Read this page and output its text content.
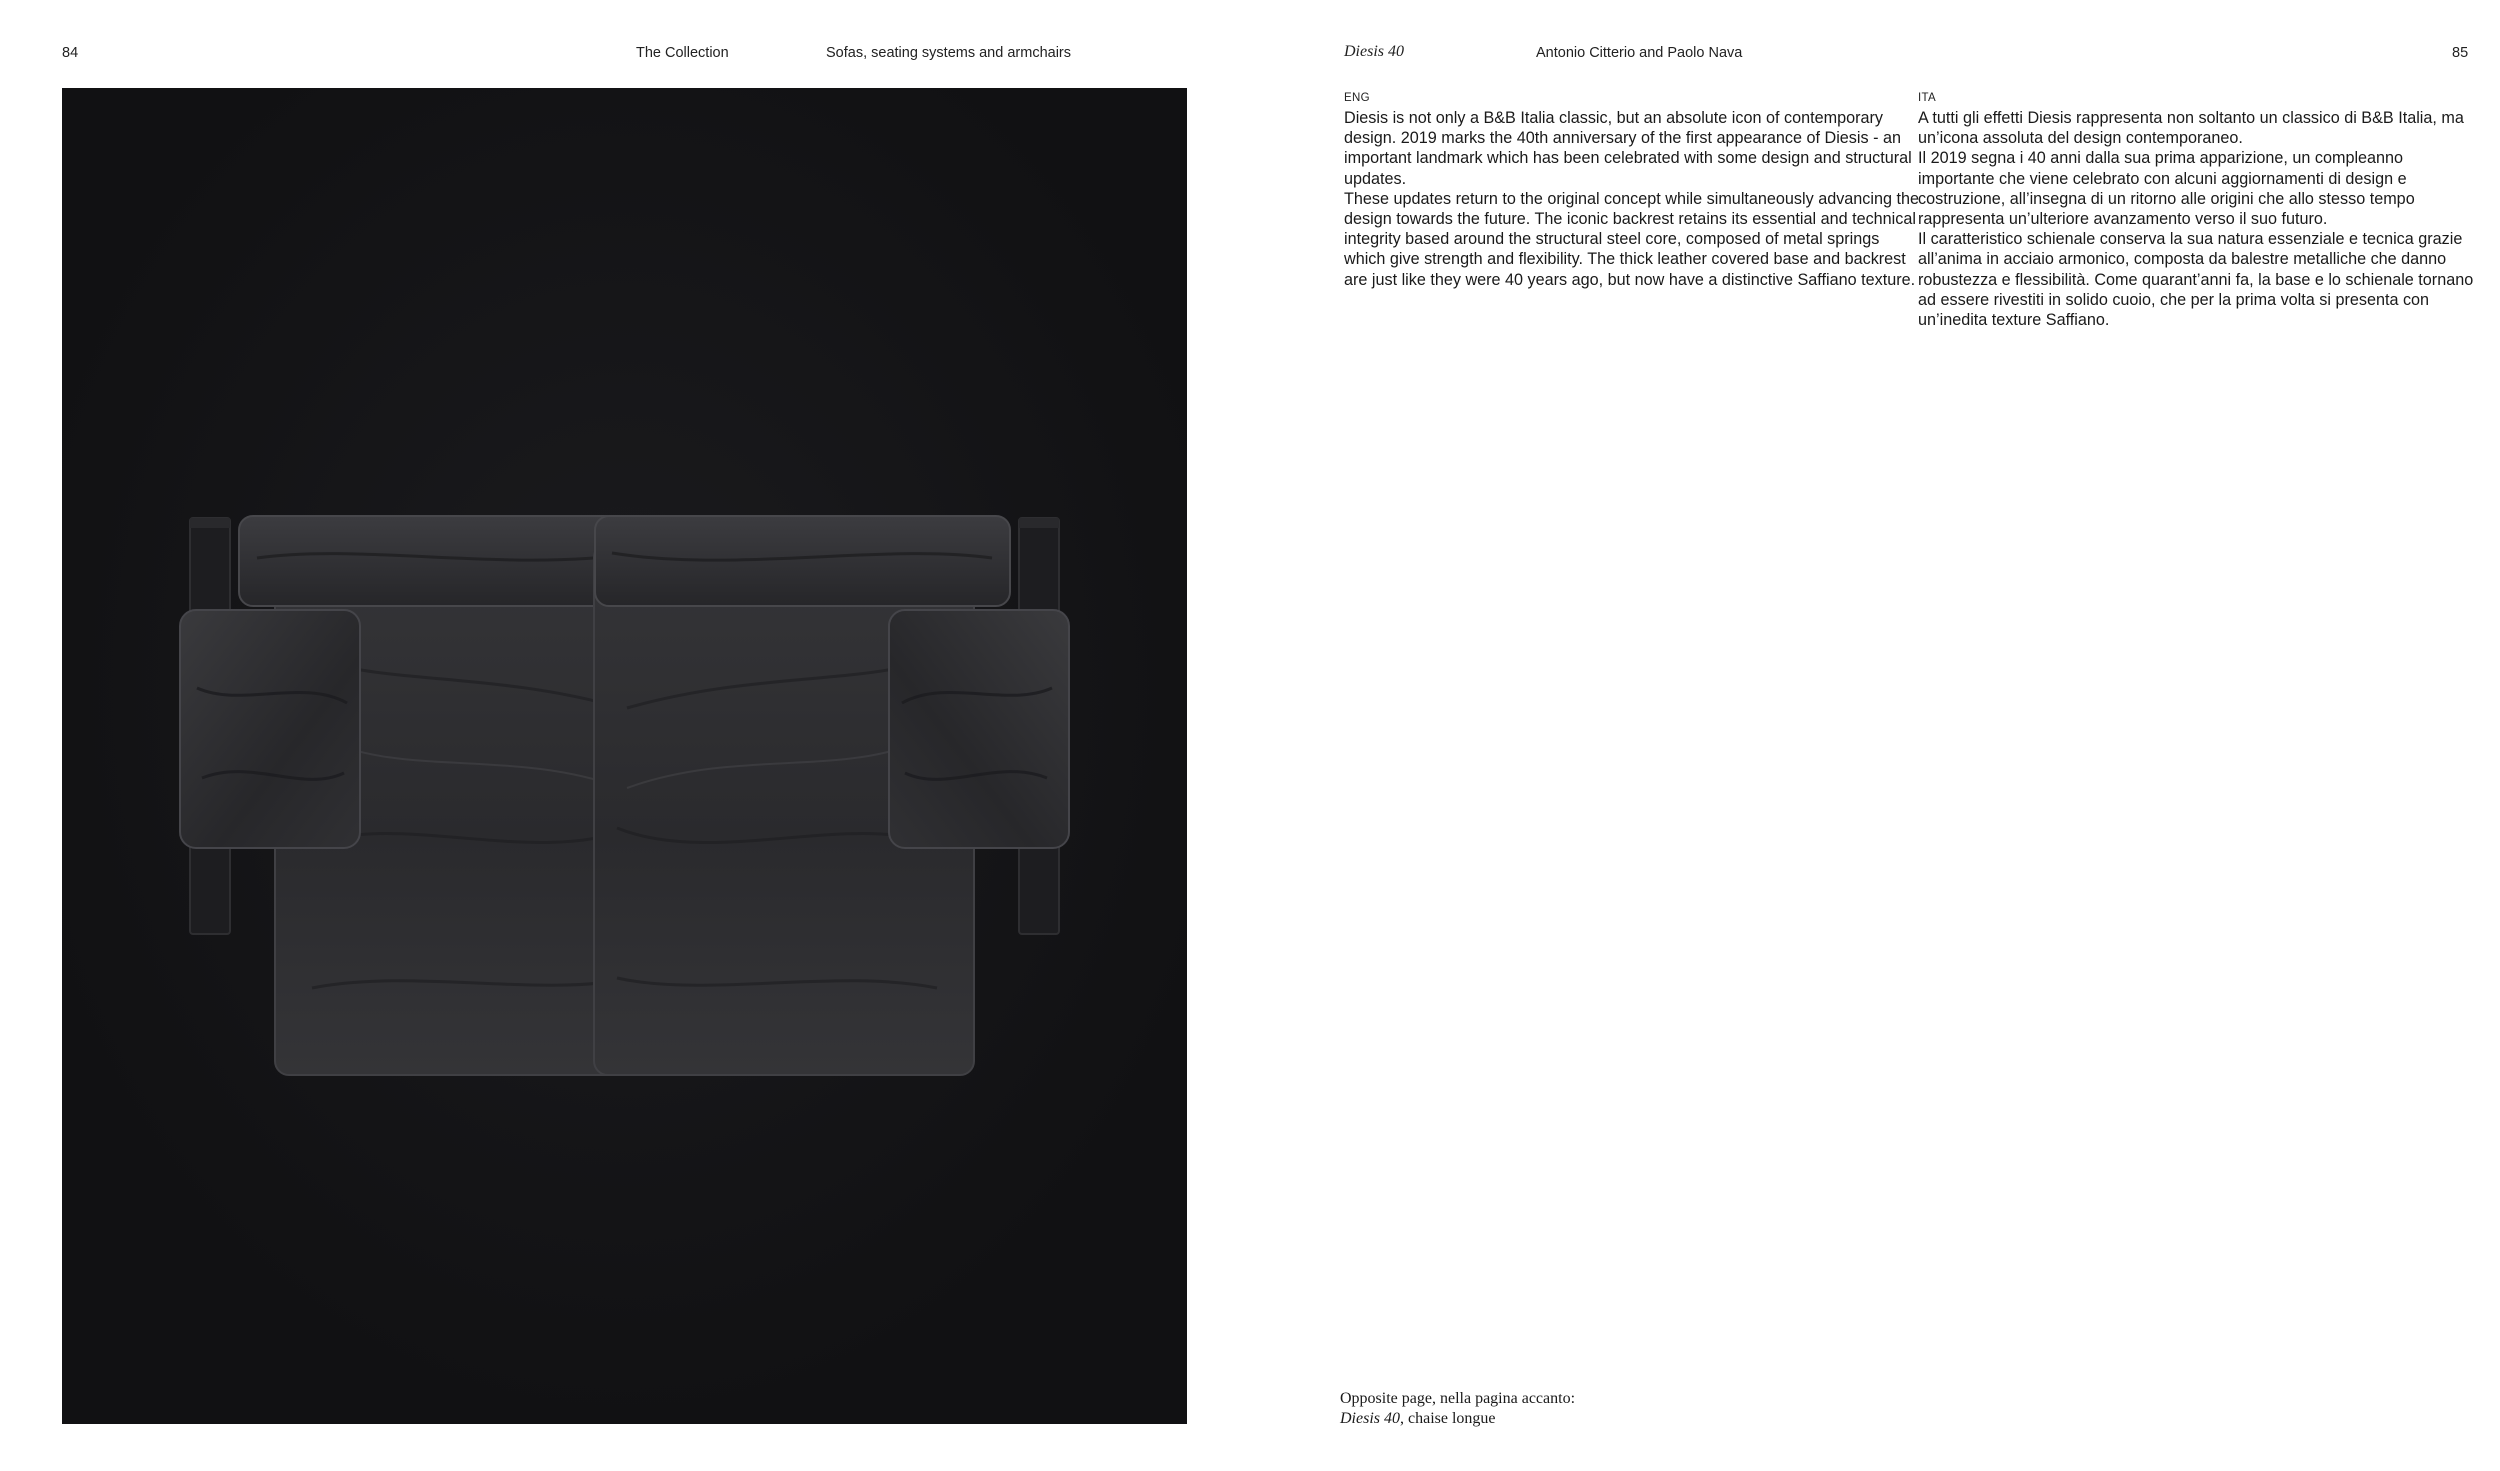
84	The Collection	Sofas, seating systems and armchairs	Diesis 40	Antonio Citterio and Paolo Nava	85
ENG

Diesis is not only a B&B Italia classic, but an absolute icon of contemporary design. 2019 marks the 40th anniversary of the first appearance of Diesis - an important landmark which has been celebrated with some design and structural updates.

These updates return to the original concept while simultaneously advancing the design towards the future. The iconic backrest retains its essential and technical integrity based around the structural steel core, composed of metal springs which give strength and flexibility. The thick leather covered base and backrest are just like they were 40 years ago, but now have a distinctive Saffiano texture.

ITA

A tutti gli effetti Diesis rappresenta non soltanto un classico di B&B Italia, ma un’icona assoluta del design contemporaneo.

Il 2019 segna i 40 anni dalla sua prima apparizione, un compleanno importante che viene celebrato con alcuni aggiornamenti di design e costruzione, all’insegna di un ritorno alle origini che allo stesso tempo rappresenta un’ulteriore avanzamento verso il suo futuro.

Il caratteristico schienale conserva la sua natura essenziale e tecnica grazie all’anima in acciaio armonico, composta da balestre metalliche che danno robustezza e flessibilità. Come quarant’anni fa, la base e lo schienale tornano ad essere rivestiti in solido cuoio, che per la prima volta si presenta con un’inedita texture Saffiano.

Opposite page, nella pagina accanto:
Diesis 40, chaise longue
